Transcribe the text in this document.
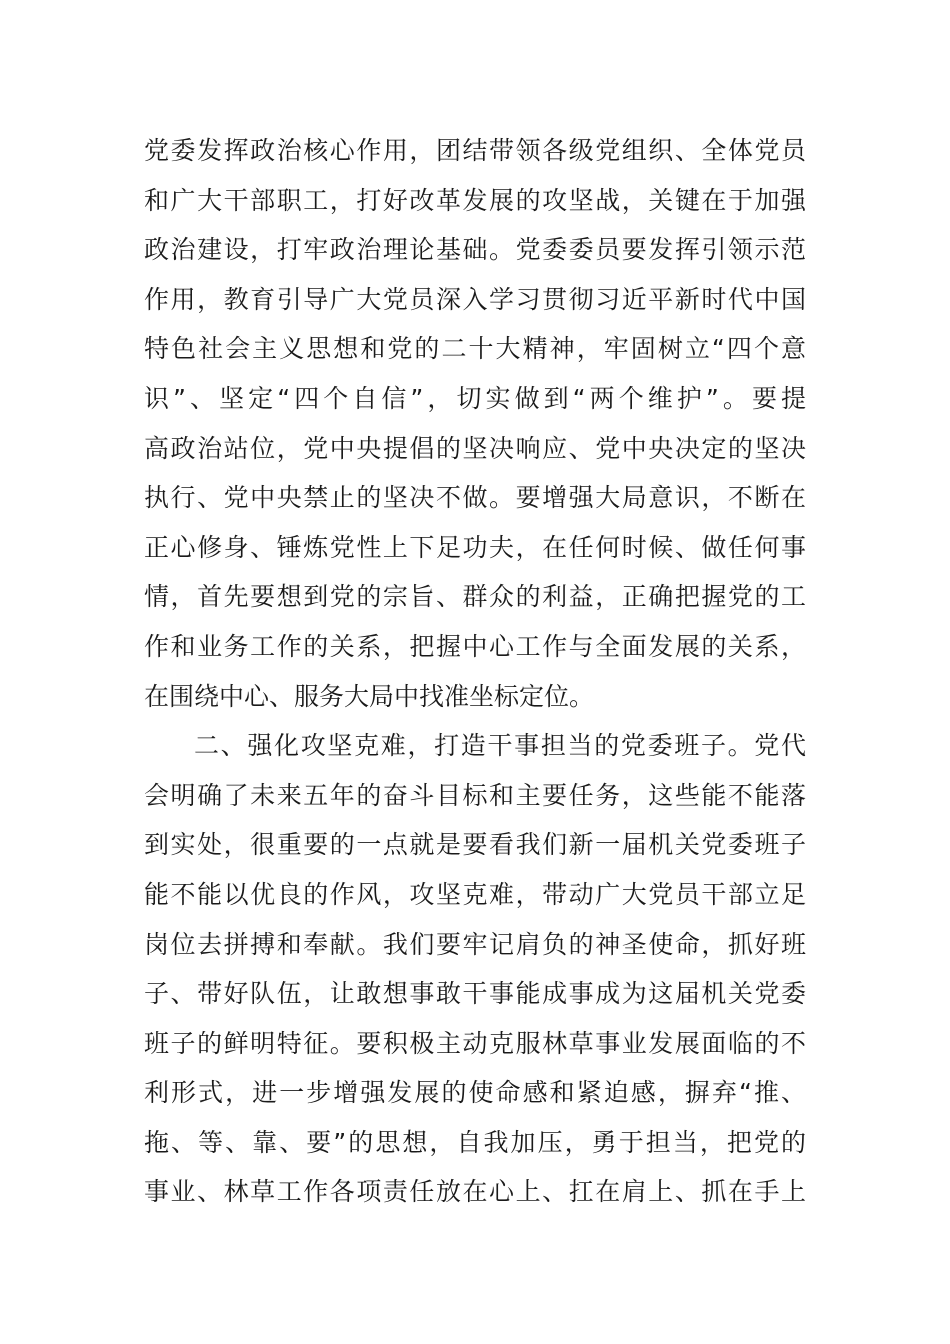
党委发挥政治核心作用，团结带领各级党组织、全体党员
和广大干部职工，打好改革发展的攻坚战，关键在于加强
政治建设，打牢政治理论基础。党委委员要发挥引领示范
作用，教育引导广大党员深入学习贯彻习近平新时代中国
特色社会主义思想和党的二十大精神，牢固树立“四个意
识”、坚定“四个自信”，切实做到“两个维护”。要提
高政治站位，党中央提倡的坚决响应、党中央决定的坚决
执行、党中央禁止的坚决不做。要增强大局意识，不断在
正心修身、锤炼党性上下足功夫，在任何时候、做任何事
情，首先要想到党的宗旨、群众的利益，正确把握党的工
作和业务工作的关系，把握中心工作与全面发展的关系，
在围绕中心、服务大局中找准坐标定位。
二、强化攻坚克难，打造干事担当的党委班子。党代
会明确了未来五年的奋斗目标和主要任务，这些能不能落
到实处，很重要的一点就是要看我们新一届机关党委班子
能不能以优良的作风，攻坚克难，带动广大党员干部立足
岗位去拼搏和奉献。我们要牢记肩负的神圣使命，抓好班
子、带好队伍，让敢想事敢干事能成事成为这届机关党委
班子的鲜明特征。要积极主动克服林草事业发展面临的不
利形式，进一步增强发展的使命感和紧迫感，摒弃“推、
拖、等、靠、要”的思想，自我加压，勇于担当，把党的
事业、林草工作各项责任放在心上、扛在肩上、抓在手上
